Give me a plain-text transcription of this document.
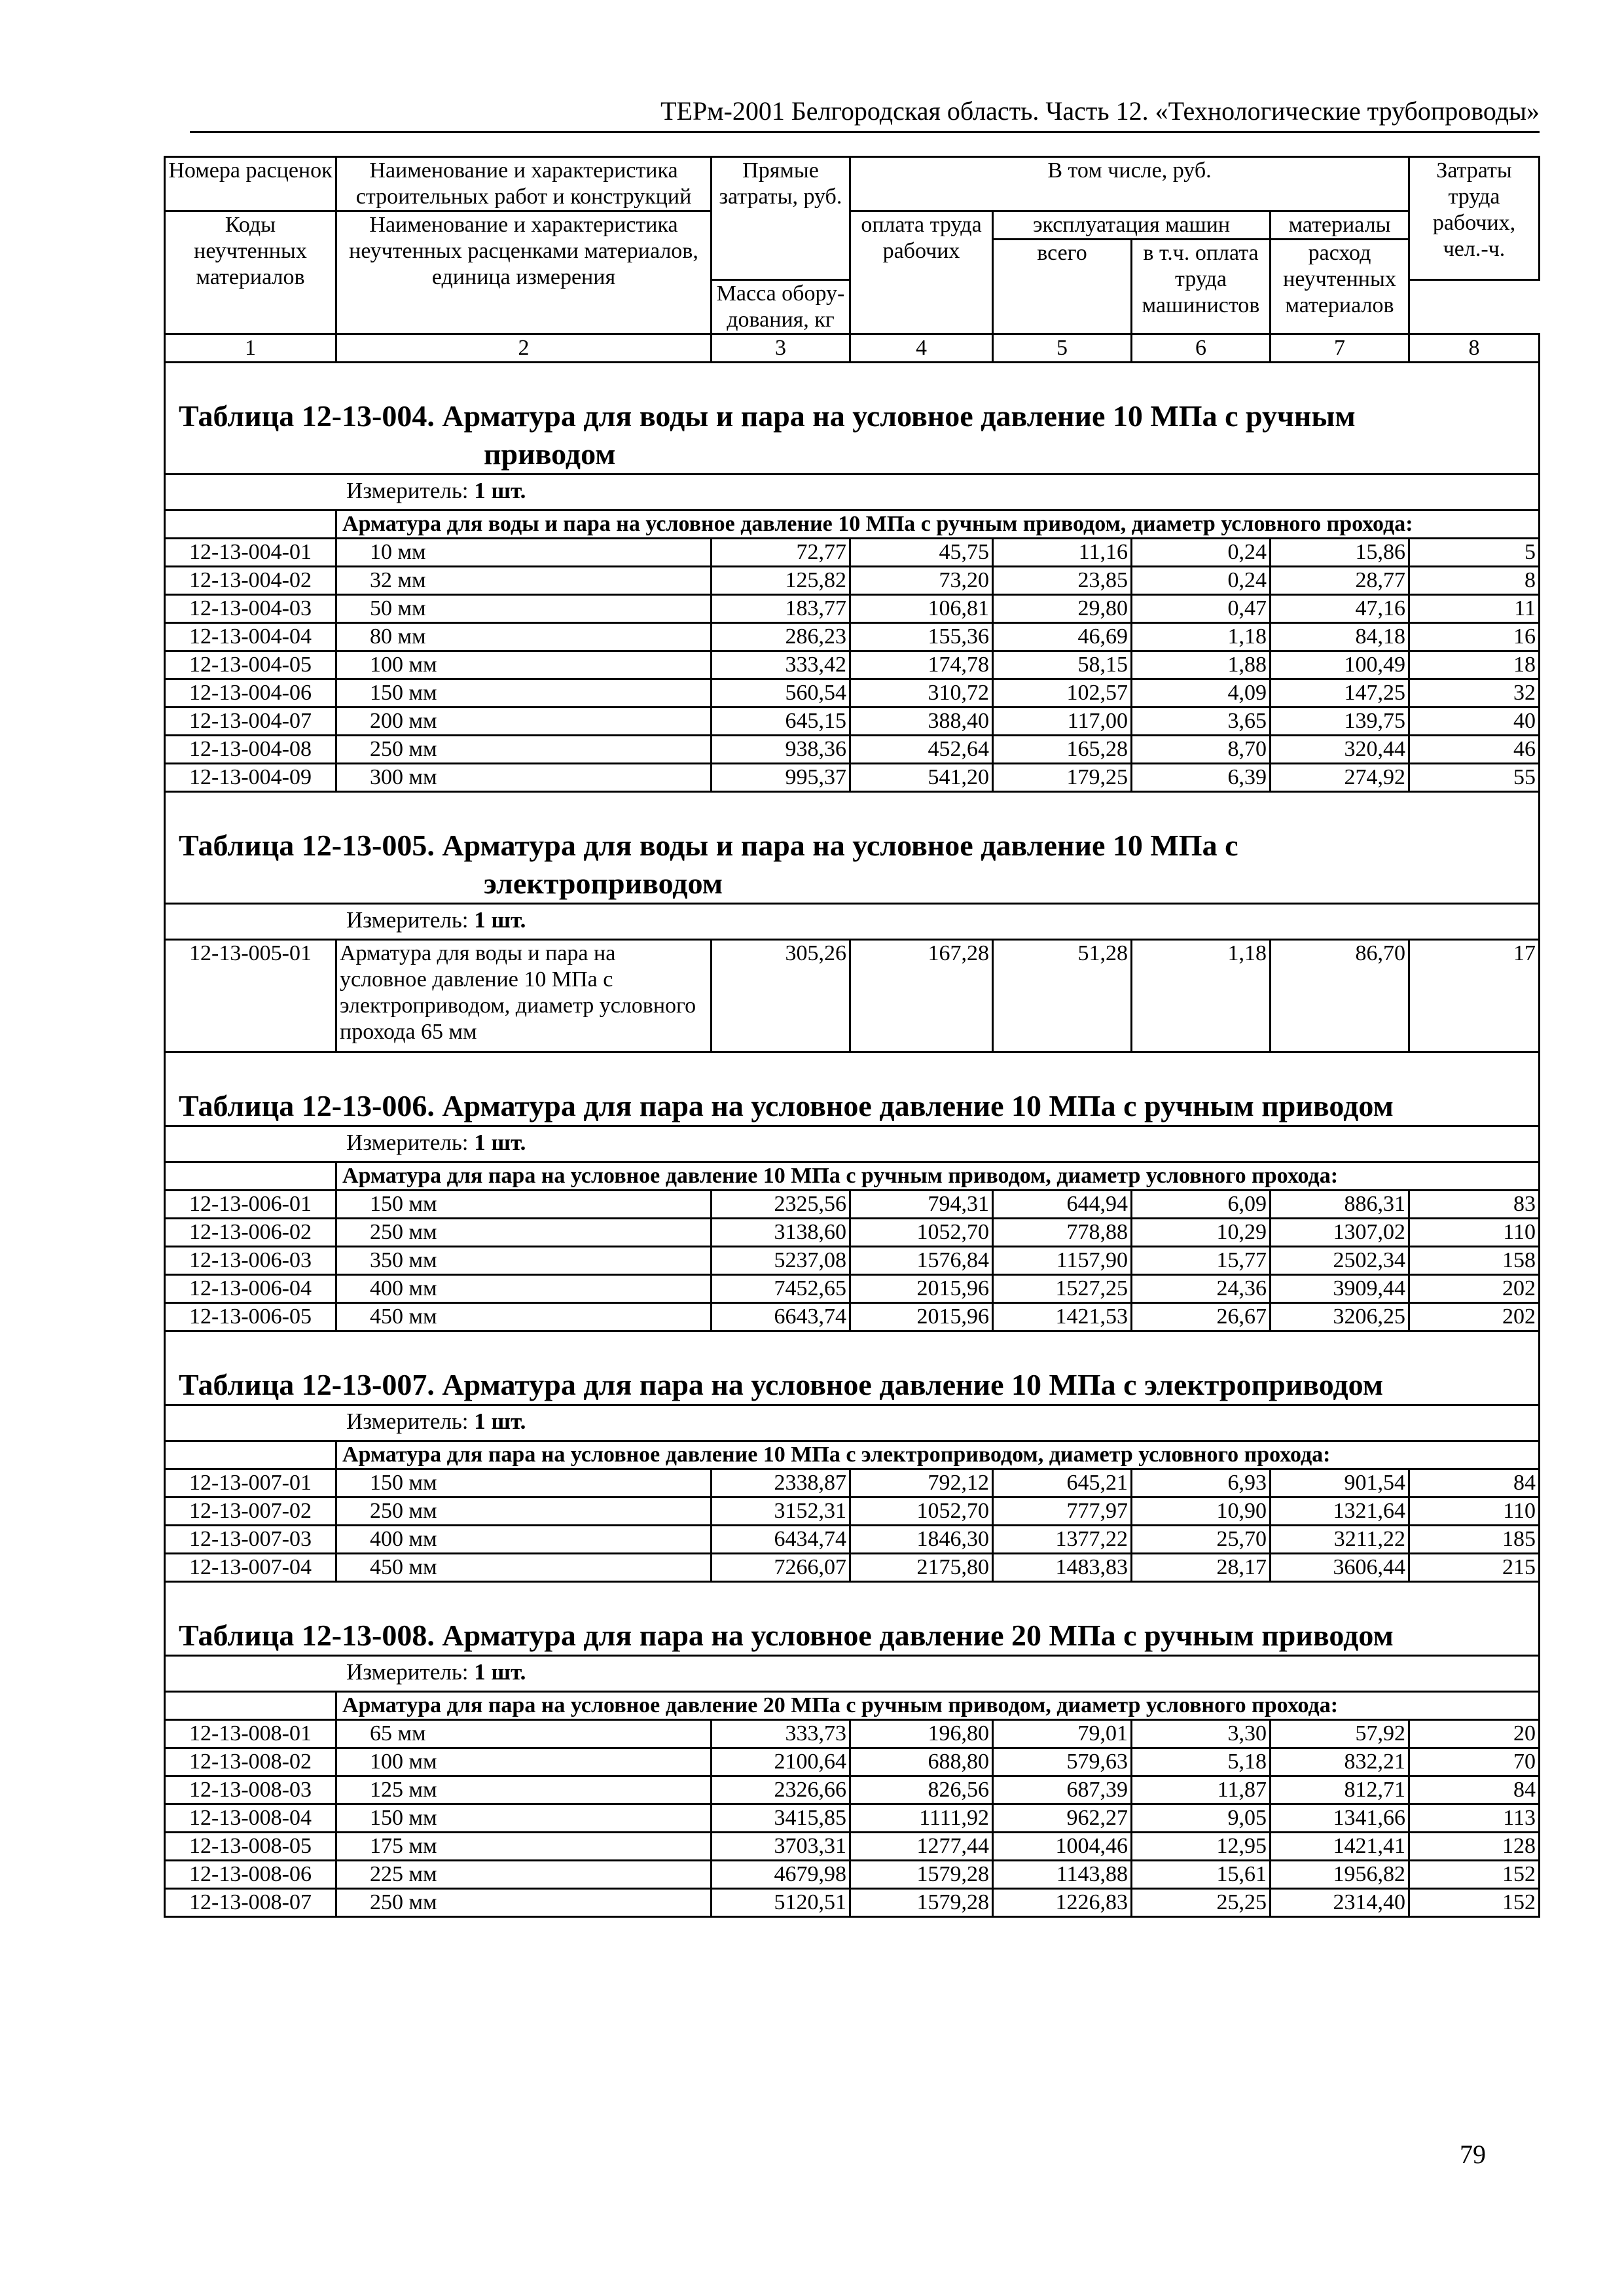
ТЕРм-2001 Белгородская область. Часть 12. «Технологические трубопроводы»
Номера расценок	Наименование и характеристика строительных работ и конструкций	Прямые затраты, руб.	В том числе, руб.				Затраты труда рабочих, чел.-ч.
Коды неучтенных материалов	Наименование и характеристика неучтенных расценками материалов, единица измерения		оплата труда рабочих	эксплуатация машин		материалы	
				всего	в т.ч. оплата труда машинистов	расход неучтенных материалов	
		Масса обору-дования, кг					
1	2	3	4	5	6	7	8
Таблица 12-13-004. Арматура для воды и пара на условное давление 10 МПа с ручным
приводом							

Измеритель: 1 шт.							
	Арматура для воды и пара на условное давление 10 МПа с ручным приводом, диаметр условного прохода:						
12-13-004-01	10 мм	72,77	45,75	11,16	0,24	15,86	5
12-13-004-02	32 мм	125,82	73,20	23,85	0,24	28,77	8
12-13-004-03	50 мм	183,77	106,81	29,80	0,47	47,16	11
12-13-004-04	80 мм	286,23	155,36	46,69	1,18	84,18	16
12-13-004-05	100 мм	333,42	174,78	58,15	1,88	100,49	18
12-13-004-06	150 мм	560,54	310,72	102,57	4,09	147,25	32
12-13-004-07	200 мм	645,15	388,40	117,00	3,65	139,75	40
12-13-004-08	250 мм	938,36	452,64	165,28	8,70	320,44	46
12-13-004-09	300 мм	995,37	541,20	179,25	6,39	274,92	55
Таблица 12-13-005. Арматура для воды и пара на условное давление 10 МПа с
электроприводом							

Измеритель: 1 шт.							
12-13-005-01	Арматура для воды и пара на условное давление 10 МПа с электроприводом, диаметр условного прохода 65 мм	305,26	167,28	51,28	1,18	86,70	17
Таблица 12-13-006. Арматура для пара на условное давление 10 МПа с ручным приводом							
Измеритель: 1 шт.							
	Арматура для пара на условное давление 10 МПа с ручным приводом, диаметр условного прохода:						
12-13-006-01	150 мм	2325,56	794,31	644,94	6,09	886,31	83
12-13-006-02	250 мм	3138,60	1052,70	778,88	10,29	1307,02	110
12-13-006-03	350 мм	5237,08	1576,84	1157,90	15,77	2502,34	158
12-13-006-04	400 мм	7452,65	2015,96	1527,25	24,36	3909,44	202
12-13-006-05	450 мм	6643,74	2015,96	1421,53	26,67	3206,25	202
Таблица 12-13-007. Арматура для пара на условное давление 10 МПа с электроприводом							
Измеритель: 1 шт.							
	Арматура для пара на условное давление 10 МПа с электроприводом, диаметр условного прохода:						
12-13-007-01	150 мм	2338,87	792,12	645,21	6,93	901,54	84
12-13-007-02	250 мм	3152,31	1052,70	777,97	10,90	1321,64	110
12-13-007-03	400 мм	6434,74	1846,30	1377,22	25,70	3211,22	185
12-13-007-04	450 мм	7266,07	2175,80	1483,83	28,17	3606,44	215
Таблица 12-13-008. Арматура для пара на условное давление 20 МПа с ручным приводом							
Измеритель: 1 шт.							
	Арматура для пара на условное давление 20 МПа с ручным приводом, диаметр условного прохода:						
12-13-008-01	65 мм	333,73	196,80	79,01	3,30	57,92	20
12-13-008-02	100 мм	2100,64	688,80	579,63	5,18	832,21	70
12-13-008-03	125 мм	2326,66	826,56	687,39	11,87	812,71	84
12-13-008-04	150 мм	3415,85	1111,92	962,27	9,05	1341,66	113
12-13-008-05	175 мм	3703,31	1277,44	1004,46	12,95	1421,41	128
12-13-008-06	225 мм	4679,98	1579,28	1143,88	15,61	1956,82	152
12-13-008-07	250 мм	5120,51	1579,28	1226,83	25,25	2314,40	152
79
